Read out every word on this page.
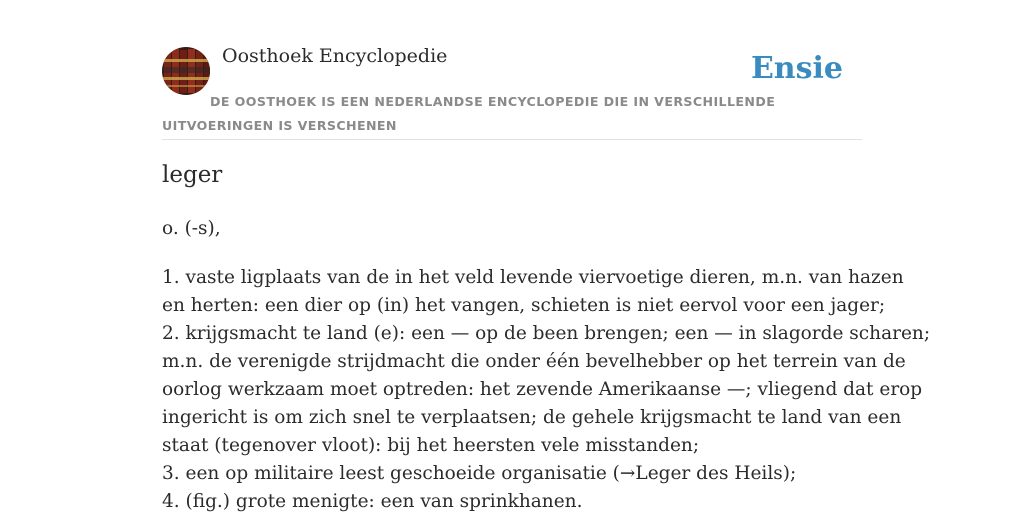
Oosthoek Encyclopedie	Ensie
DE OOSTHOEK IS EEN NEDERLANDSE ENCYCLOPEDIE DIE IN VERSCHILLENDE UITVOERINGEN IS VERSCHENEN
leger

o. (-s),

1. vaste ligplaats van de in het veld levende viervoetige dieren, m.n. van hazen
en herten: een dier op (in) het vangen, schieten is niet eervol voor een jager;
2. krijgsmacht te land (e): een — op de been brengen; een — in slagorde scharen;
m.n. de verenigde strijdmacht die onder één bevelhebber op het terrein van de
oorlog werkzaam moet optreden: het zevende Amerikaanse —; vliegend dat erop
ingericht is om zich snel te verplaatsen; de gehele krijgsmacht te land van een
staat (tegenover vloot): bij het heersten vele misstanden;
3. een op militaire leest geschoeide organisatie (→Leger des Heils);
4. (fig.) grote menigte: een van sprinkhanen.
